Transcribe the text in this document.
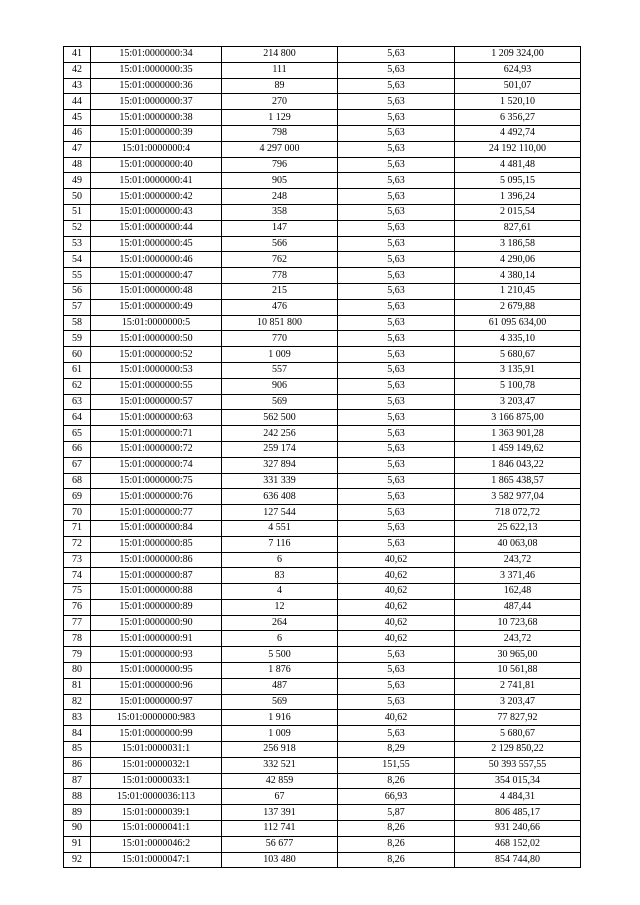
41	15:01:0000000:34	214 800	5,63	1 209 324,00
42	15:01:0000000:35	111	5,63	624,93
43	15:01:0000000:36	89	5,63	501,07
44	15:01:0000000:37	270	5,63	1 520,10
45	15:01:0000000:38	1 129	5,63	6 356,27
46	15:01:0000000:39	798	5,63	4 492,74
47	15:01:0000000:4	4 297 000	5,63	24 192 110,00
48	15:01:0000000:40	796	5,63	4 481,48
49	15:01:0000000:41	905	5,63	5 095,15
50	15:01:0000000:42	248	5,63	1 396,24
51	15:01:0000000:43	358	5,63	2 015,54
52	15:01:0000000:44	147	5,63	827,61
53	15:01:0000000:45	566	5,63	3 186,58
54	15:01:0000000:46	762	5,63	4 290,06
55	15:01:0000000:47	778	5,63	4 380,14
56	15:01:0000000:48	215	5,63	1 210,45
57	15:01:0000000:49	476	5,63	2 679,88
58	15:01:0000000:5	10 851 800	5,63	61 095 634,00
59	15:01:0000000:50	770	5,63	4 335,10
60	15:01:0000000:52	1 009	5,63	5 680,67
61	15:01:0000000:53	557	5,63	3 135,91
62	15:01:0000000:55	906	5,63	5 100,78
63	15:01:0000000:57	569	5,63	3 203,47
64	15:01:0000000:63	562 500	5,63	3 166 875,00
65	15:01:0000000:71	242 256	5,63	1 363 901,28
66	15:01:0000000:72	259 174	5,63	1 459 149,62
67	15:01:0000000:74	327 894	5,63	1 846 043,22
68	15:01:0000000:75	331 339	5,63	1 865 438,57
69	15:01:0000000:76	636 408	5,63	3 582 977,04
70	15:01:0000000:77	127 544	5,63	718 072,72
71	15:01:0000000:84	4 551	5,63	25 622,13
72	15:01:0000000:85	7 116	5,63	40 063,08
73	15:01:0000000:86	6	40,62	243,72
74	15:01:0000000:87	83	40,62	3 371,46
75	15:01:0000000:88	4	40,62	162,48
76	15:01:0000000:89	12	40,62	487,44
77	15:01:0000000:90	264	40,62	10 723,68
78	15:01:0000000:91	6	40,62	243,72
79	15:01:0000000:93	5 500	5,63	30 965,00
80	15:01:0000000:95	1 876	5,63	10 561,88
81	15:01:0000000:96	487	5,63	2 741,81
82	15:01:0000000:97	569	5,63	3 203,47
83	15:01:0000000:983	1 916	40,62	77 827,92
84	15:01:0000000:99	1 009	5,63	5 680,67
85	15:01:0000031:1	256 918	8,29	2 129 850,22
86	15:01:0000032:1	332 521	151,55	50 393 557,55
87	15:01:0000033:1	42 859	8,26	354 015,34
88	15:01:0000036:113	67	66,93	4 484,31
89	15:01:0000039:1	137 391	5,87	806 485,17
90	15:01:0000041:1	112 741	8,26	931 240,66
91	15:01:0000046:2	56 677	8,26	468 152,02
92	15:01:0000047:1	103 480	8,26	854 744,80
